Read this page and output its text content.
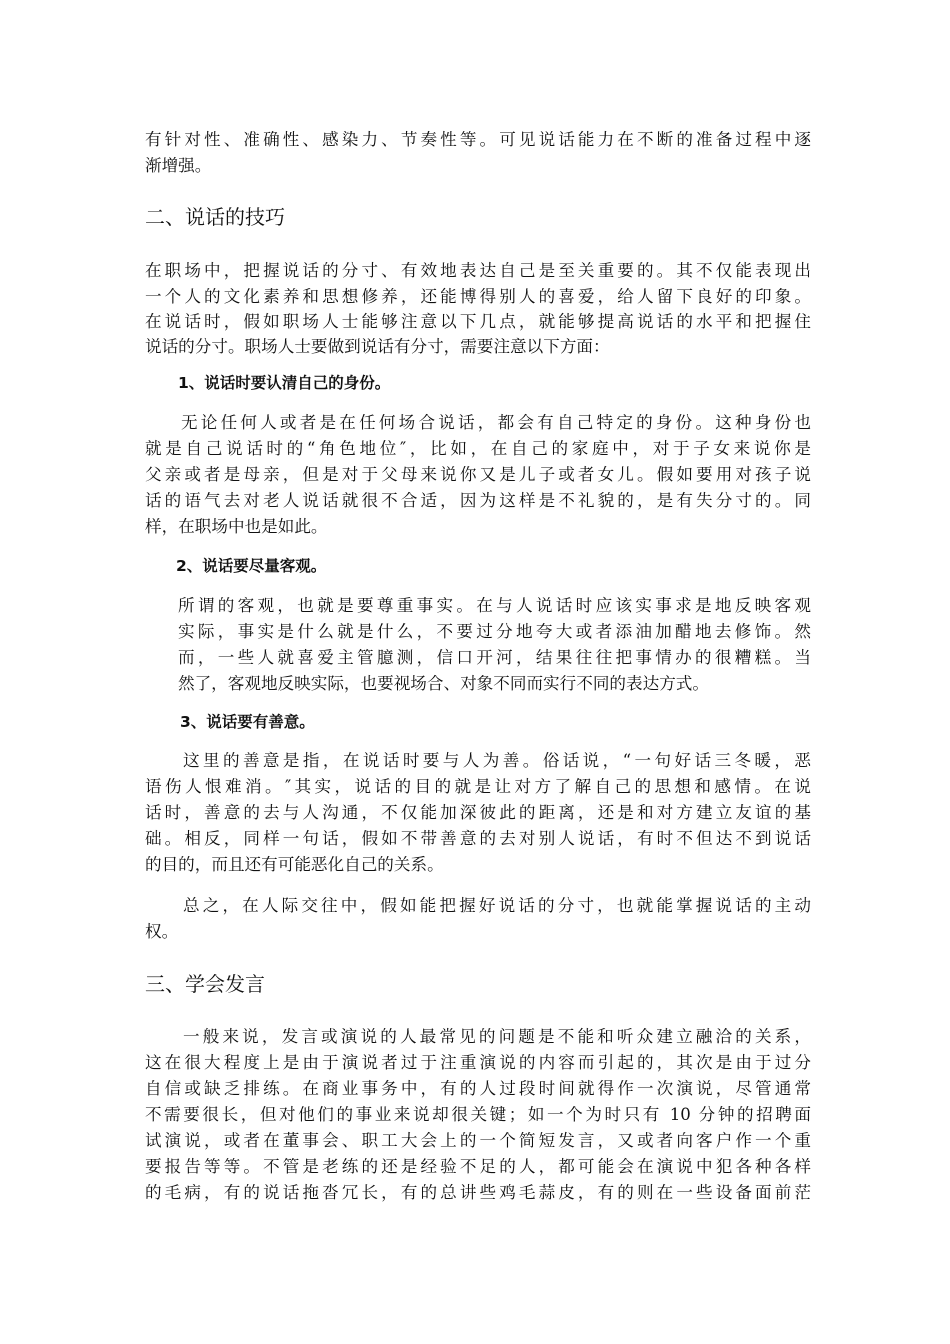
有针对性、准确性、感染力、节奏性等。可见说话能力在不断的准备过程中逐
渐增强。
二、说话的技巧
在职场中，把握说话的分寸、有效地表达自己是至关重要的。其不仅能表现出
一个人的文化素养和思想修养，还能博得别人的喜爱，给人留下良好的印象。
在说话时，假如职场人士能够注意以下几点，就能够提高说话的水平和把握住
说话的分寸。职场人士要做到说话有分寸，需要注意以下方面：
1、说话时要认清自己的身份。
无论任何人或者是在任何场合说话，都会有自己特定的身份。这种身份也
就是自己说话时的“角色地位″，比如，在自己的家庭中，对于子女来说你是
父亲或者是母亲，但是对于父母来说你又是儿子或者女儿。假如要用对孩子说
话的语气去对老人说话就很不合适，因为这样是不礼貌的，是有失分寸的。同
样，在职场中也是如此。
2、说话要尽量客观。
所谓的客观，也就是要尊重事实。在与人说话时应该实事求是地反映客观
实际，事实是什么就是什么，不要过分地夸大或者添油加醋地去修饰。然
而，一些人就喜爱主管臆测，信口开河，结果往往把事情办的很糟糕。当
然了，客观地反映实际，也要视场合、对象不同而实行不同的表达方式。
3、说话要有善意。
这里的善意是指，在说话时要与人为善。俗话说，“一句好话三冬暖，恶
语伤人恨难消。″其实，说话的目的就是让对方了解自己的思想和感情。在说
话时，善意的去与人沟通，不仅能加深彼此的距离，还是和对方建立友谊的基
础。相反，同样一句话，假如不带善意的去对别人说话，有时不但达不到说话
的目的，而且还有可能恶化自己的关系。
总之，在人际交往中，假如能把握好说话的分寸，也就能掌握说话的主动
权。
三、学会发言
一般来说，发言或演说的人最常见的问题是不能和听众建立融洽的关系，
这在很大程度上是由于演说者过于注重演说的内容而引起的，其次是由于过分
自信或缺乏排练。在商业事务中，有的人过段时间就得作一次演说，尽管通常
不需要很长，但对他们的事业来说却很关键；如一个为时只有 10 分钟的招聘面
试演说，或者在董事会、职工大会上的一个简短发言，又或者向客户作一个重
要报告等等。不管是老练的还是经验不足的人，都可能会在演说中犯各种各样
的毛病，有的说话拖沓冗长，有的总讲些鸡毛蒜皮，有的则在一些设备面前茫
